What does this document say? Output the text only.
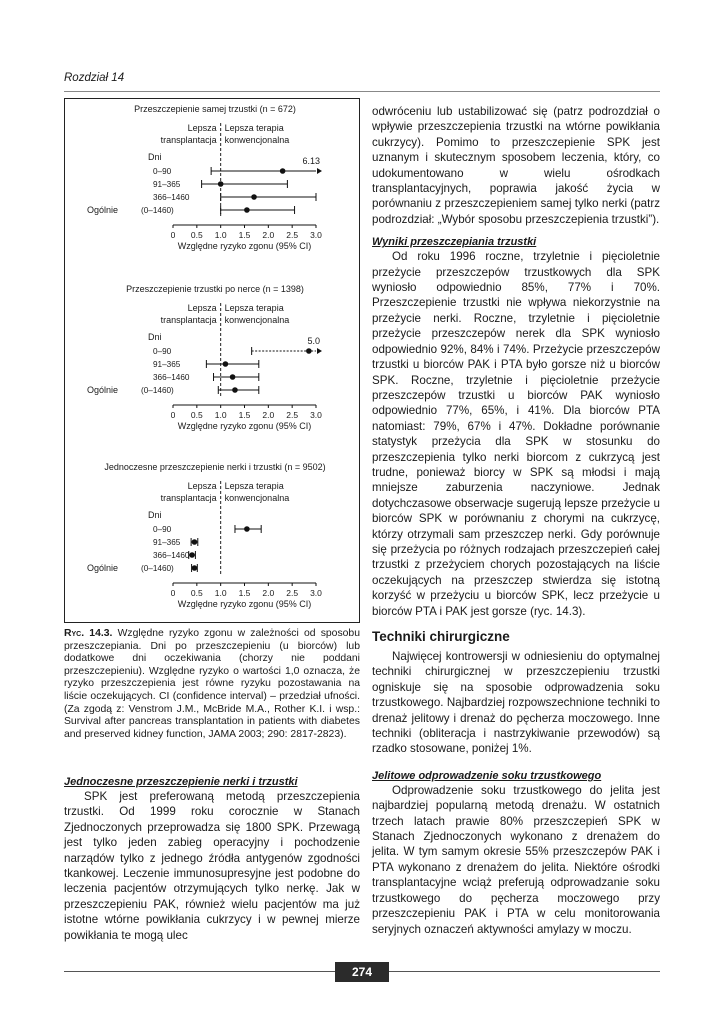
Rozdział 14
Przeszczepienie samej trzustki (n = 672)
Lepsza
transplantacja
Lepsza terapia
konwencjonalna
Dni
0–90
6.13
91–365
366–1460
(0–1460)
Ogólnie
0 0.5 1.0 1.5 2.0 2.5 3.0
Względne ryzyko zgonu (95% CI)
Przeszczepienie trzustki po nerce (n = 1398)
Lepsza
transplantacja
Lepsza terapia
konwencjonalna
Dni
0–90
5.0
91–365
366–1460
(0–1460)
Ogólnie
0 0.5 1.0 1.5 2.0 2.5 3.0
Względne ryzyko zgonu (95% CI)
Jednoczesne przeszczepienie nerki i trzustki (n = 9502)
Lepsza
transplantacja
Lepsza terapia
konwencjonalna
Dni
0–90
91–365
366–1460
(0–1460)
Ogólnie
0 0.5 1.0 1.5 2.0 2.5 3.0
Względne ryzyko zgonu (95% CI)
Ryc. 14.3. Względne ryzyko zgonu w zależności od sposobu przeszczepiania. Dni po przeszczepieniu (u biorców) lub dodatkowe dni oczekiwania (chorzy nie poddani przeszczepieniu). Względne ryzyko o wartości 1,0 oznacza, że ryzyko przeszczepienia jest równe ryzyku pozostawania na liście oczekujących. CI (confidence interval) – przedział ufności. (Za zgodą z: Venstrom J.M., McBride M.A., Rother K.I. i wsp.: Survival after pancreas transplantation in patients with diabetes and preserved kidney function, JAMA 2003; 290: 2817-2823).

Jednoczesne przeszczepienie nerki i trzustki

SPK jest preferowaną metodą przeszczepienia trzustki. Od 1999 roku corocznie w Stanach Zjednoczonych przeprowadza się 1800 SPK. Przewagą jest tylko jeden zabieg operacyjny i pochodzenie narządów tylko z jednego źródła antygenów zgodności tkankowej. Leczenie immunosupresyjne jest podobne do leczenia pacjentów otrzymujących tylko nerkę. Jak w przeszczepieniu PAK, również wielu pacjentów ma już istotne wtórne powikłania cukrzycy i w pewnej mierze powikłania te mogą ulec

odwróceniu lub ustabilizować się (patrz podrozdział o wpływie przeszczepienia trzustki na wtórne powikłania cukrzycy). Pomimo to przeszczepienie SPK jest uznanym i skutecznym sposobem leczenia, który, co udokumentowano w wielu ośrodkach transplantacyjnych, poprawia jakość życia w porównaniu z przeszczepieniem samej tylko nerki (patrz podrozdział: „Wybór sposobu przeszczepienia trzustki”).

Wyniki przeszczepiania trzustki

Od roku 1996 roczne, trzyletnie i pięcioletnie przeżycie przeszczepów trzustkowych dla SPK wyniosło odpowiednio 85%, 77% i 70%. Przeszczepienie trzustki nie wpływa niekorzystnie na przeżycie nerki. Roczne, trzyletnie i pięcioletnie przeżycie przeszczepów nerek dla SPK wyniosło odpowiednio 92%, 84% i 74%. Przeżycie przeszczepów trzustki u biorców PAK i PTA było gorsze niż u biorców SPK. Roczne, trzyletnie i pięcioletnie przeżycie przeszczepów trzustki u biorców PAK wyniosło odpowiednio 77%, 65%, i 41%. Dla biorców PTA natomiast: 79%, 67% i 47%. Dokładne porównanie statystyk przeżycia dla SPK w stosunku do przeszczepienia tylko nerki biorcom z cukrzycą jest trudne, ponieważ biorcy w SPK są młodsi i mają mniejsze zaburzenia naczyniowe. Jednak dotychczasowe obserwacje sugerują lepsze przeżycie u biorców SPK w porównaniu z chorymi na cukrzycę, którzy otrzymali sam przeszczep nerki. Gdy porównuje się przeżycia po różnych rodzajach przeszczepień całej trzustki z przeżyciem chorych pozostających na liście oczekujących na przeszczep stwierdza się istotną korzyść w przeżyciu u biorców SPK, lecz przeżycie u biorców PTA i PAK jest gorsze (ryc. 14.3).

Techniki chirurgiczne

Najwięcej kontrowersji w odniesieniu do optymalnej techniki chirurgicznej w przeszczepieniu trzustki ogniskuje się na sposobie odprowadzenia soku trzustkowego. Najbardziej rozpowszechnione techniki to drenaż jelitowy i drenaż do pęcherza moczowego. Inne techniki (obliteracja i nastrzykiwanie przewodów) są rzadko stosowane, poniżej 1%.

Jelitowe odprowadzenie soku trzustkowego

Odprowadzenie soku trzustkowego do jelita jest najbardziej popularną metodą drenażu. W ostatnich trzech latach prawie 80% przeszczepień SPK w Stanach Zjednoczonych wykonano z drenażem do jelita. W tym samym okresie 55% przeszczepów PAK i PTA wykonano z drenażem do jelita. Niektóre ośrodki transplantacyjne wciąż preferują odprowadzanie soku trzustkowego do pęcherza moczowego przy przeszczepieniu PAK i PTA w celu monitorowania seryjnych oznaczeń aktywności amylazy w moczu.

274
